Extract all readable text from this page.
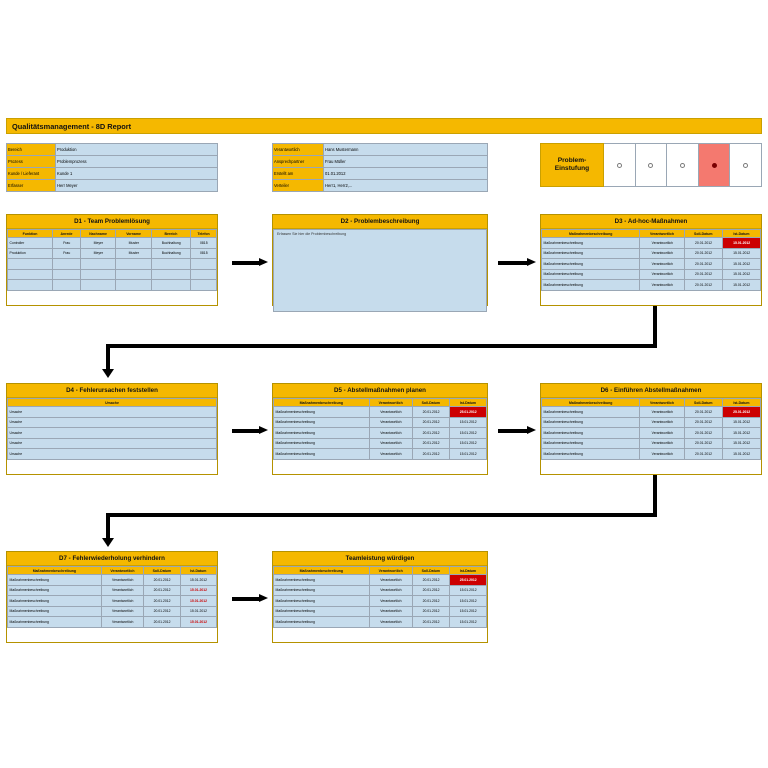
Qualitätsmanagement - 8D Report
Bereich	Produktion
Prozess	Problemprozess
Kunde / Lieferant	Kunde 1
Erfasser	Herr Meyer
Verantwortlich	Hans Mustermann
Ansprechpartner	Frau Müller
Erstellt am	01.01.2012
Verteiler	Herr1, Herr2,...
Problem-Einstufung
D1 - Team Problemlösung
Funktion	Anrede	Nachname	Vorname	Bereich	Telefon
Controller	Frau	Meyer	Muster	Buchhaltung	0815
Produktion	Frau	Meyer	Muster	Buchhaltung	0815

D2 - Problembeschreibung
Erfassen Sie hier die Problembeschreibung
D3 - Ad-hoc-Maßnahmen
Maßnahmenbeschreibung	Verantwortlich	Soll-Datum	Ist-Datum
Maßnahmenbeschreibung	Verantwortlich	20.01.2012	15.01.2012
Maßnahmenbeschreibung	Verantwortlich	20.01.2012	15.01.2012
Maßnahmenbeschreibung	Verantwortlich	20.01.2012	15.01.2012
Maßnahmenbeschreibung	Verantwortlich	20.01.2012	15.01.2012
Maßnahmenbeschreibung	Verantwortlich	20.01.2012	15.01.2012
D4 - Fehlerursachen feststellen
Ursache
Ursache
Ursache
Ursache
Ursache
Ursache
D5 - Abstellmaßnahmen planen
Maßnahmenbeschreibung	Verantwortlich	Soll-Datum	Ist-Datum
Maßnahmenbeschreibung	Verantwortlich	20.01.2012	25.01.2012
Maßnahmenbeschreibung	Verantwortlich	20.01.2012	15.01.2012
Maßnahmenbeschreibung	Verantwortlich	20.01.2012	15.01.2012
Maßnahmenbeschreibung	Verantwortlich	20.01.2012	15.01.2012
Maßnahmenbeschreibung	Verantwortlich	20.01.2012	15.01.2012
D6 - Einführen Abstellmaßnahmen
Maßnahmenbeschreibung	Verantwortlich	Soll-Datum	Ist-Datum
Maßnahmenbeschreibung	Verantwortlich	20.01.2012	25.01.2012
Maßnahmenbeschreibung	Verantwortlich	20.01.2012	15.01.2012
Maßnahmenbeschreibung	Verantwortlich	20.01.2012	15.01.2012
Maßnahmenbeschreibung	Verantwortlich	20.01.2012	15.01.2012
Maßnahmenbeschreibung	Verantwortlich	20.01.2012	15.01.2012
D7 - Fehlerwiederholung verhindern
Maßnahmenbeschreibung	Verantwortlich	Soll-Datum	Ist-Datum
Maßnahmenbeschreibung	Verantwortlich	20.01.2012	15.01.2012
Maßnahmenbeschreibung	Verantwortlich	20.01.2012	15.01.2012
Maßnahmenbeschreibung	Verantwortlich	20.01.2012	15.01.2012
Maßnahmenbeschreibung	Verantwortlich	20.01.2012	15.01.2012
Maßnahmenbeschreibung	Verantwortlich	20.01.2012	15.01.2012
Teamleistung würdigen
Maßnahmenbeschreibung	Verantwortlich	Soll-Datum	Ist-Datum
Maßnahmenbeschreibung	Verantwortlich	20.01.2012	25.01.2012
Maßnahmenbeschreibung	Verantwortlich	20.01.2012	15.01.2012
Maßnahmenbeschreibung	Verantwortlich	20.01.2012	15.01.2012
Maßnahmenbeschreibung	Verantwortlich	20.01.2012	15.01.2012
Maßnahmenbeschreibung	Verantwortlich	20.01.2012	15.01.2012
